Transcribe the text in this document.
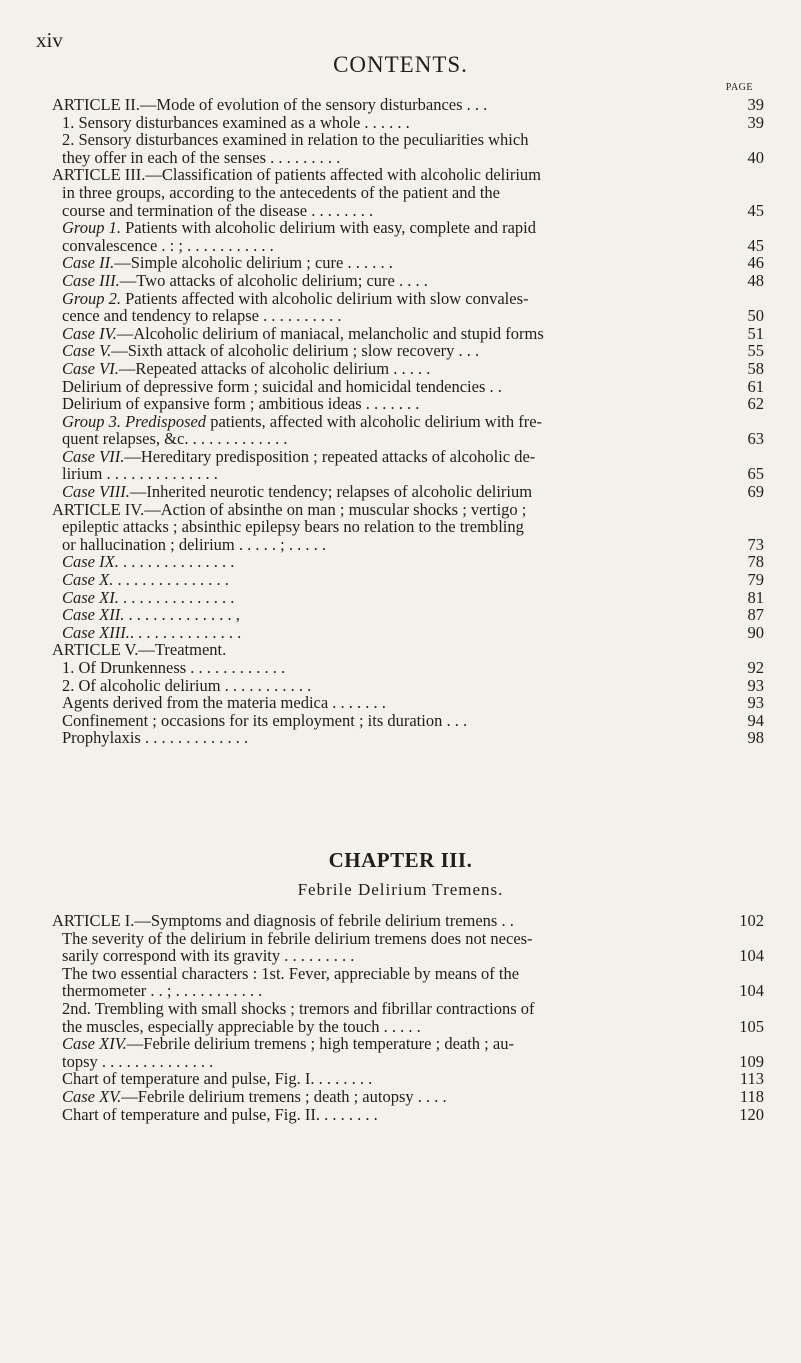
xiv
CONTENTS.
PAGE
ARTICLE II.—Mode of evolution of the sensory disturbances . . .	39
1. Sensory disturbances examined as a whole . . . . . .	39
2. Sensory disturbances examined in relation to the peculiarities which
they offer in each of the senses . . . . . . . . .	40
ARTICLE III.—Classification of patients affected with alcoholic delirium
in three groups, according to the antecedents of the patient and the
course and termination of the disease . . . . . . . .	45
Group 1. Patients with alcoholic delirium with easy, complete and rapid
convalescence . : ; . . . . . . . . . . .	45
Case II.—Simple alcoholic delirium ; cure . . . . . .	46
Case III.—Two attacks of alcoholic delirium; cure . . . .	48
Group 2. Patients affected with alcoholic delirium with slow convales-
cence and tendency to relapse . . . . . . . . . .	50
Case IV.—Alcoholic delirium of maniacal, melancholic and stupid forms	51
Case V.—Sixth attack of alcoholic delirium ; slow recovery . . .	55
Case VI.—Repeated attacks of alcoholic delirium . . . . .	58
Delirium of depressive form ; suicidal and homicidal tendencies . .	61
Delirium of expansive form ; ambitious ideas . . . . . . .	62
Group 3. Predisposed patients, affected with alcoholic delirium with fre-
quent relapses, &c. . . . . . . . . . . . .	63
Case VII.—Hereditary predisposition ; repeated attacks of alcoholic de-
lirium . . . . . . . . . . . . . .	65
Case VIII.—Inherited neurotic tendency; relapses of alcoholic delirium	69
ARTICLE IV.—Action of absinthe on man ; muscular shocks ; vertigo ;
epileptic attacks ; absinthic epilepsy bears no relation to the trembling
or hallucination ; delirium . . . . . ; . . . . .	73
Case IX. . . . . . . . . . . . . . .	78
Case X. . . . . . . . . . . . . . .	79
Case XI. . . . . . . . . . . . . . .	81
Case XII. . . . . . . . . . . . . . ,	87
Case XIII.. . . . . . . . . . . . . .	90
ARTICLE V.—Treatment.
1. Of Drunkenness . . . . . . . . . . . .	92
2. Of alcoholic delirium . . . . . . . . . . .	93
Agents derived from the materia medica . . . . . . .	93
Confinement ; occasions for its employment ; its duration . . .	94
Prophylaxis . . . . . . . . . . . . .	98
CHAPTER III.
Febrile Delirium Tremens.
ARTICLE I.—Symptoms and diagnosis of febrile delirium tremens . .	102
The severity of the delirium in febrile delirium tremens does not neces-
sarily correspond with its gravity . . . . . . . . .	104
The two essential characters : 1st. Fever, appreciable by means of the
thermometer . . ; . . . . . . . . . . .	104
2nd. Trembling with small shocks ; tremors and fibrillar contractions of
the muscles, especially appreciable by the touch . . . . .	105
Case XIV.—Febrile delirium tremens ; high temperature ; death ; au-
topsy . . . . . . . . . . . . . .	109
Chart of temperature and pulse, Fig. I. . . . . . . .	113
Case XV.—Febrile delirium tremens ; death ; autopsy . . . .	118
Chart of temperature and pulse, Fig. II. . . . . . . .	120
